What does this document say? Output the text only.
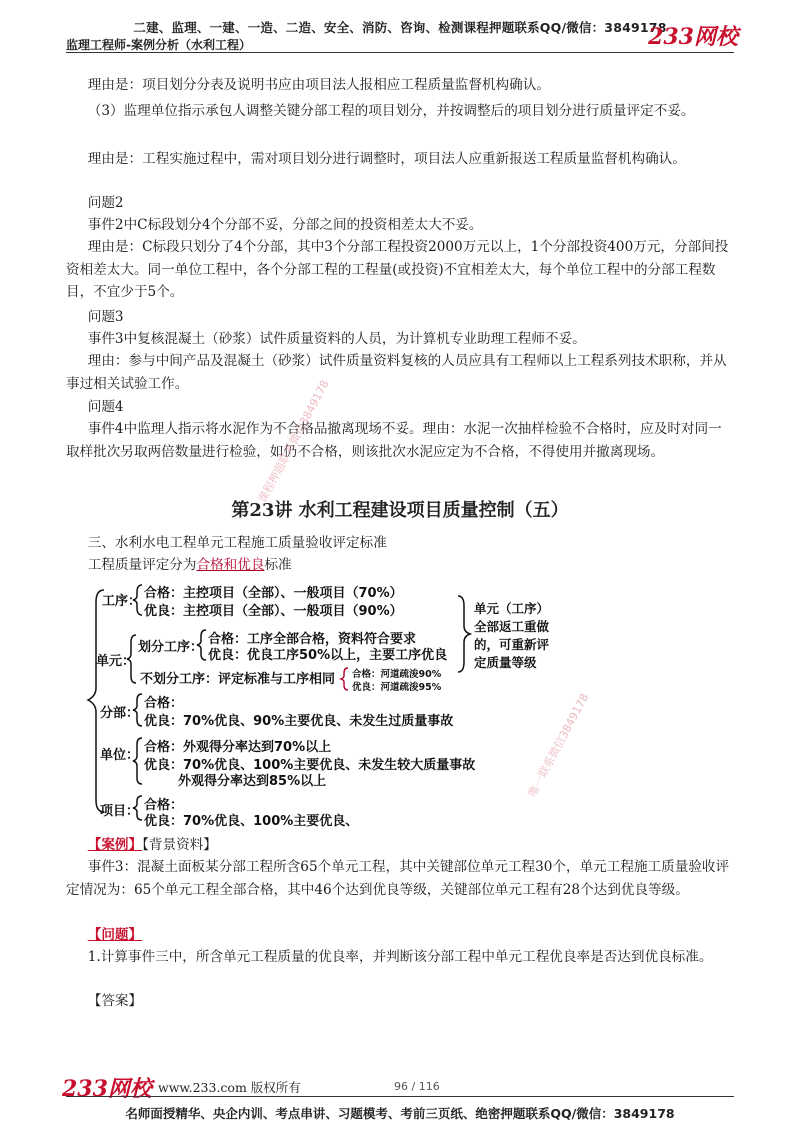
二建、监理、一建、一造、二造、安全、消防、咨询、检测课程押题联系QQ/微信：3849178
监理工程师-案例分析（水利工程）	233网校
理由是：项目划分分表及说明书应由项目法人报相应工程质量监督机构确认。
（3）监理单位指示承包人调整关键分部工程的项目划分，并按调整后的项目划分进行质量评定不妥。
理由是：工程实施过程中，需对项目划分进行调整时，项目法人应重新报送工程质量监督机构确认。
问题2
事件2中C标段划分4个分部不妥，分部之间的投资相差太大不妥。
理由是：C标段只划分了4个分部，其中3个分部工程投资2000万元以上，1个分部投资400万元，分部间投资相差太大。同一单位工程中，各个分部工程的工程量(或投资)不宜相差太大，每个单位工程中的分部工程数目，不宜少于5个。
问题3
事件3中复核混凝土（砂浆）试件质量资料的人员，为计算机专业助理工程师不妥。
理由：参与中间产品及混凝土（砂浆）试件质量资料复核的人员应具有工程师以上工程系列技术职称，并从事过相关试验工作。
问题4
事件4中监理人指示将水泥作为不合格品撤离现场不妥。理由：水泥一次抽样检验不合格时，应及时对同一取样批次另取两倍数量进行检验，如仍不合格，则该批次水泥应定为不合格，不得使用并撤离现场。
第23讲 水利工程建设项目质量控制（五）
三、水利水电工程单元工程施工质量验收评定标准
工程质量评定分为合格和优良标准
工序：
合格：主控项目（全部）、一般项目（70%）
优良：主控项目（全部）、一般项目（90%）
单元：
划分工序：
合格：工序全部合格，资料符合要求
优良：优良工序50%以上，主要工序优良
不划分工序：评定标准与工序相同 合格：河道疏浚90%
优良：河道疏浚95%
单元（工序）全部返工重做的，可重新评定质量等级
分部：
合格：
优良：70%优良、90%主要优良、未发生过质量事故
单位：
合格：外观得分率达到70%以上
优良：70%优良、100%主要优良、未发生较大质量事故
外观得分率达到85%以上
项目： 合格：
优良：70%优良、100%主要优良、
【案例】【背景资料】
事件3：混凝土面板某分部工程所含65个单元工程，其中关键部位单元工程30个，单元工程施工质量验收评定情况为：65个单元工程全部合格，其中46个达到优良等级，关键部位单元工程有28个达到优良等级。
【问题】
1.计算事件三中，所含单元工程质量的优良率，并判断该分部工程中单元工程优良率是否达到优良标准。
【答案】
课程押题联系微信3849178
唯一联系微信3849178
233网校 www.233.com 版权所有	96 / 116
名师面授精华、央企内训、考点串讲、习题模考、考前三页纸、绝密押题联系QQ/微信：3849178
